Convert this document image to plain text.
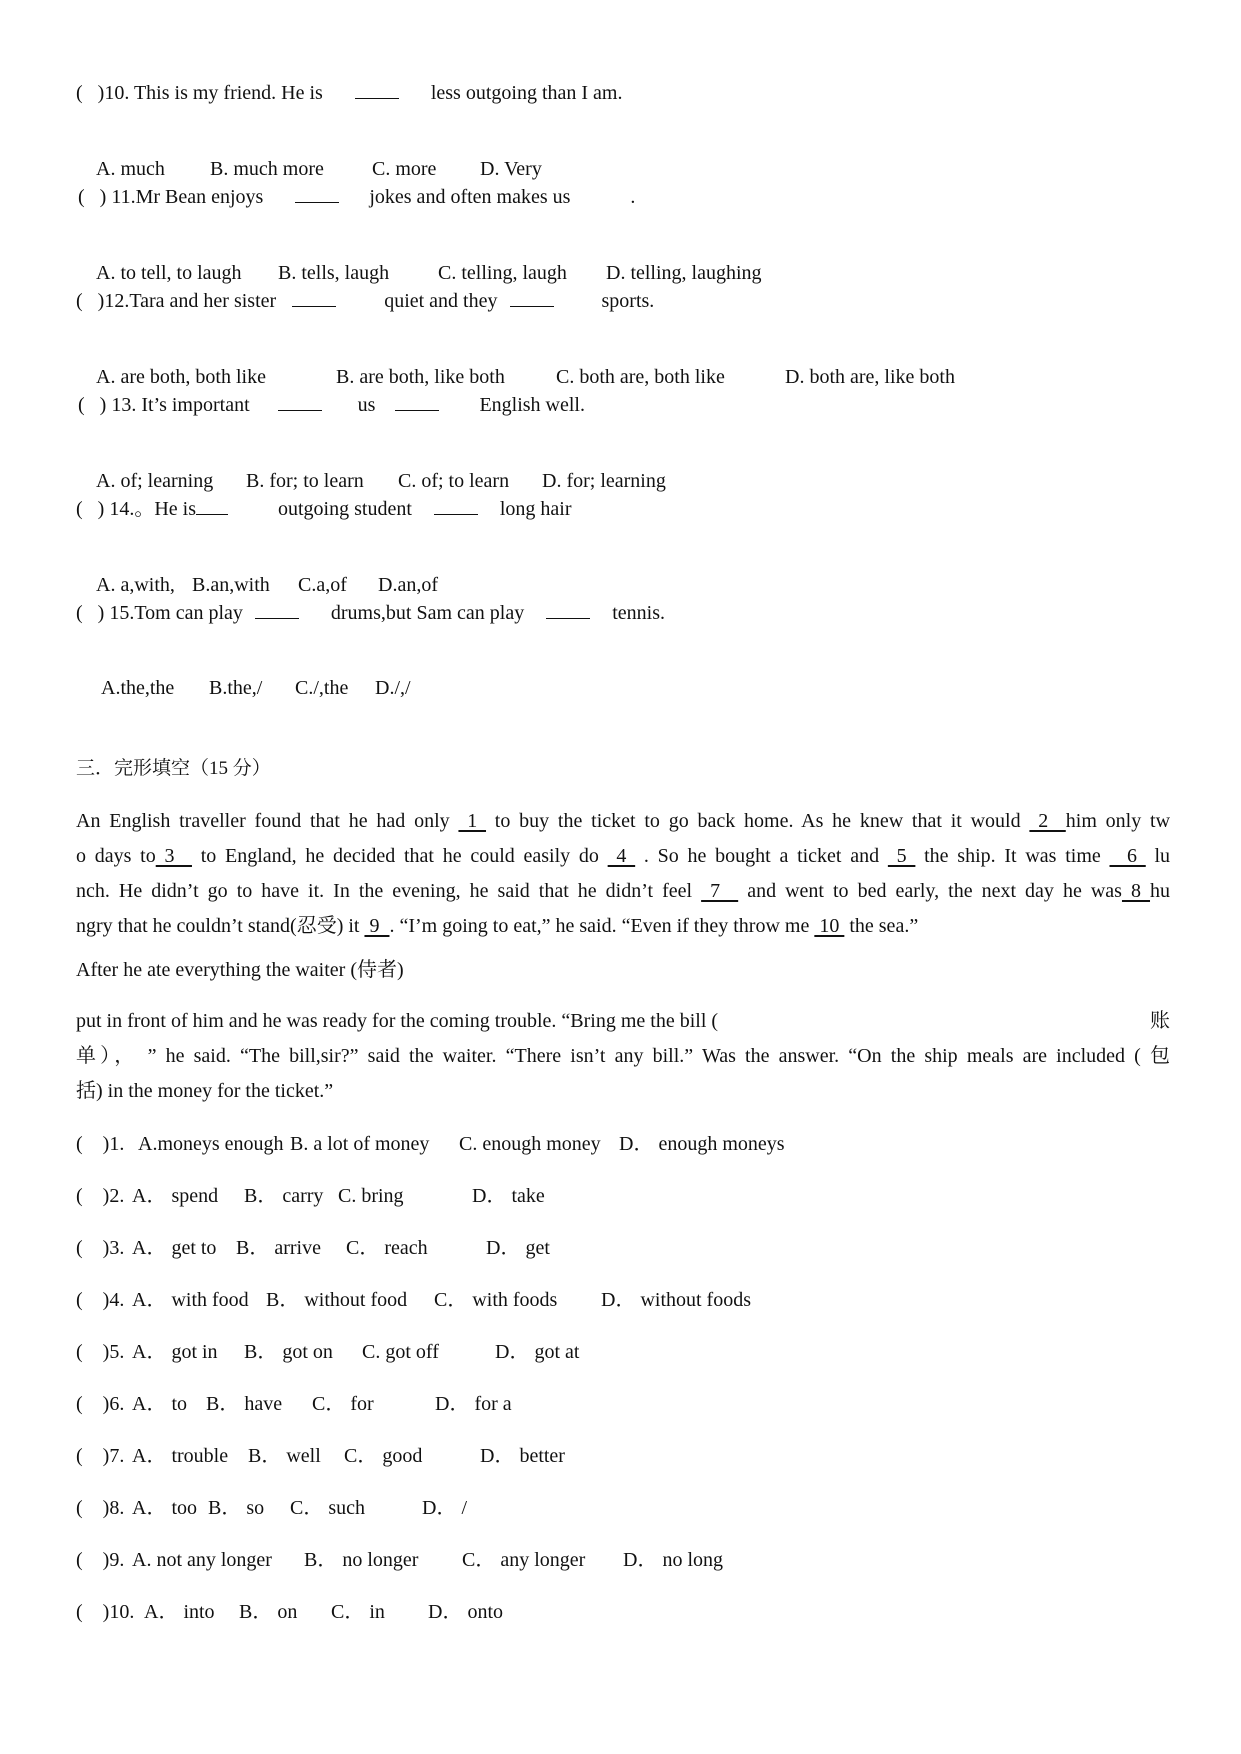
(   )10. This is my friend. He is	less outgoing than I am.

A. much B. much more C. more D. Very

(   ) 11.Mr Bean enjoys	jokes and often makes us	.

A. to tell, to laugh B. tells, laugh C. telling, laugh D. telling, laughing

(   )12.Tara and her sister	quiet and they	sports.

A. are both, both like	B. are both, like both	C. both are, both like	D. both are, like both

(   ) 13. It’s important	us	English well.

A. of; learning B. for; to learn C. of; to learn D. for; learning

(   ) 14.。He is	outgoing student	long hair

A. a,with, B.an,with C.a,of D.an,of

(   ) 15.Tom can play	drums,but Sam can play	tennis.

A.the,the B.the,/ C./,the D./,/

三．完形填空（15 分）
An English traveller found that he had only  1  to buy the ticket to go back home. As he knew that it would  2  him only tw
o days to 3   to England, he decided that he could easily do  4  . So he bought a ticket and  5  the ship. It was time   6  lu
nch. He didn’t go to have it. In the evening, he said that he didn’t feel  7   and went to bed early, the next day he was 8 hu
ngry that he couldn’t stand(忍受) it  9  . “I’m going to eat,” he said. “Even if they throw me  10  the sea.”
After he ate everything the waiter (侍者)
put in front of him and he was ready for the coming trouble. “Bring me the bill (	账
单）， ” he said. “The bill,sir?” said the waiter. “There isn’t any bill.” Was the answer. “On the ship meals are included ( 包
括) in the money for the ticket.”
(    )1. A.moneys enough B. a lot of money C. enough money D． enough moneys
(    )2. A． spend B． carry C. bring	D． take
(    )3. A． get to B． arrive C． reach	D． get
(    )4. A． with food B． without food C． with foods D． without foods
(    )5. A． got in B． got on C. got off	D． got at
(    )6. A． to B． have C． for	D． for a
(    )7. A． trouble B． well C． good	D． better
(    )8. A． too B． so C． such	D． /
(    )9. A. not any longer B． no longer C． any longer D． no long
(    )10. A． into B． on C． in D． onto
